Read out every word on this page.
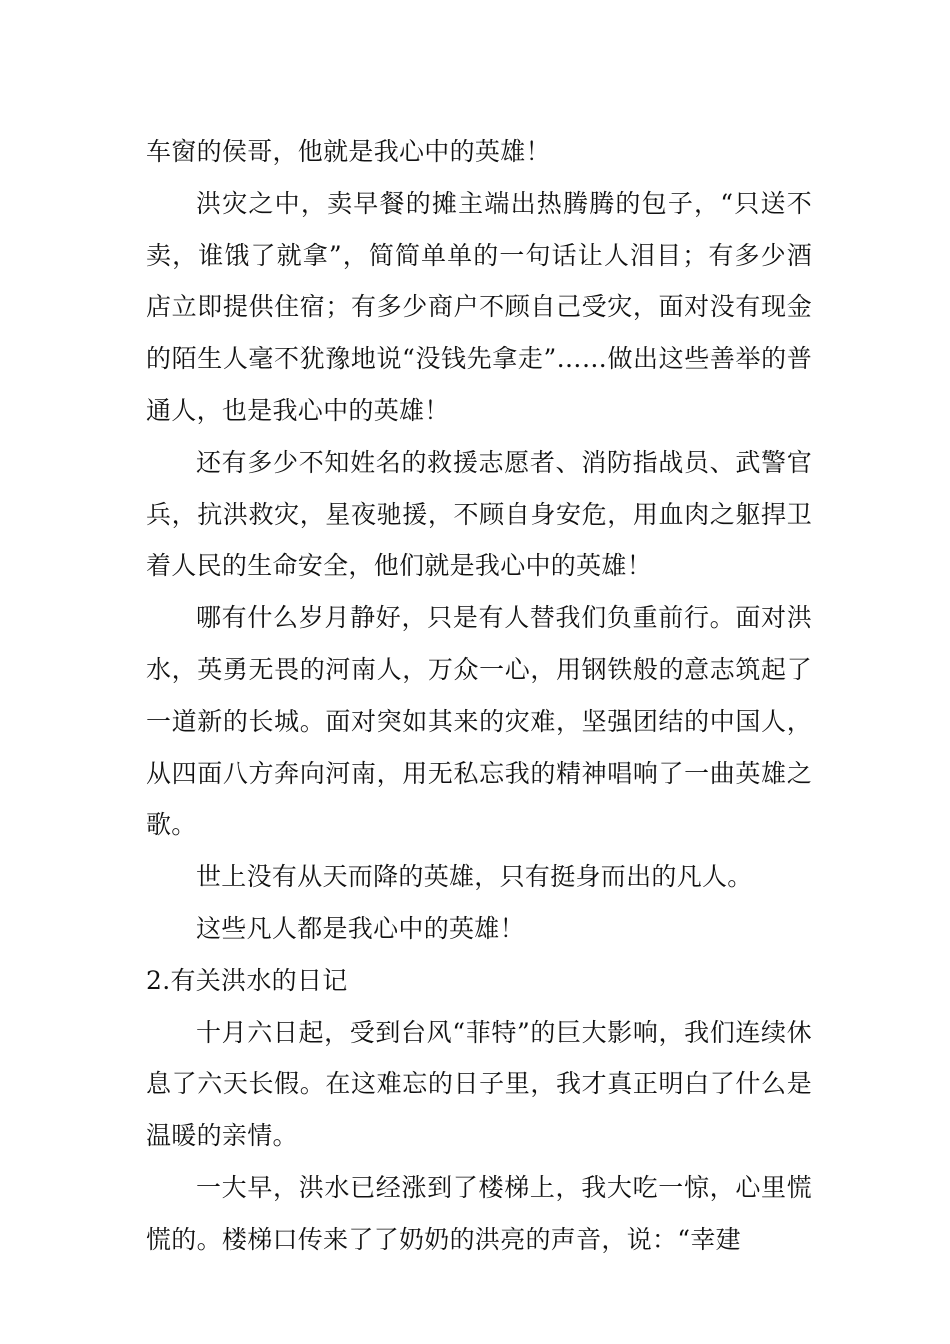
车窗的侯哥，他就是我心中的英雄！

洪灾之中，卖早餐的摊主端出热腾腾的包子，“只送不卖，谁饿了就拿”，简简单单的一句话让人泪目；有多少酒店立即提供住宿；有多少商户不顾自己受灾，面对没有现金的陌生人毫不犹豫地说“没钱先拿走”……做出这些善举的普通人，也是我心中的英雄！

还有多少不知姓名的救援志愿者、消防指战员、武警官兵，抗洪救灾，星夜驰援，不顾自身安危，用血肉之躯捍卫着人民的生命安全，他们就是我心中的英雄！

哪有什么岁月静好，只是有人替我们负重前行。面对洪水，英勇无畏的河南人，万众一心，用钢铁般的意志筑起了一道新的长城。面对突如其来的灾难，坚强团结的中国人，从四面八方奔向河南，用无私忘我的精神唱响了一曲英雄之歌。

世上没有从天而降的英雄，只有挺身而出的凡人。

这些凡人都是我心中的英雄！

2.有关洪水的日记

十月六日起，受到台风“菲特”的巨大影响，我们连续休息了六天长假。在这难忘的日子里，我才真正明白了什么是温暖的亲情。

一大早，洪水已经涨到了楼梯上，我大吃一惊，心里慌慌的。楼梯口传来了了奶奶的洪亮的声音，说：“幸建
